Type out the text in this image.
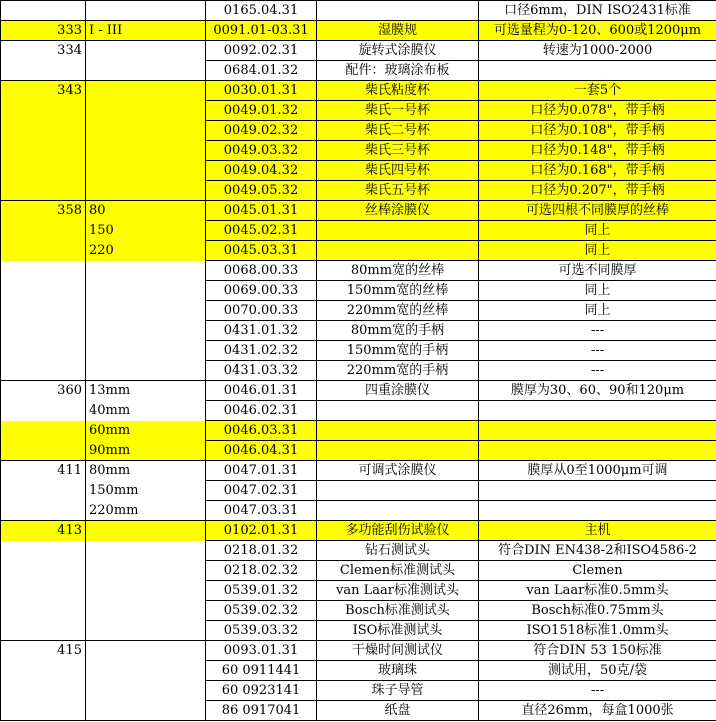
		0165.04.31		口径6mm，DIN ISO2431标准
333	I - III	0091.01-03.31	湿膜规	可选量程为0-120、600或1200μm
334		0092.02.31	旋转式涂膜仪	转速为1000-2000
		0684.01.32	配件：玻璃涂布板	
343		0030.01.31	柴氏粘度杯	一套5个
		0049.01.32	柴氏一号杯	口径为0.078"，带手柄
		0049.02.32	柴氏二号杯	口径为0.108"，带手柄
		0049.03.32	柴氏三号杯	口径为0.148"，带手柄
		0049.04.32	柴氏四号杯	口径为0.168"，带手柄
		0049.05.32	柴氏五号杯	口径为0.207"，带手柄
358	80	0045.01.31	丝棒涂膜仪	可选四根不同膜厚的丝棒
	150	0045.02.31		同上
	220	0045.03.31		同上
		0068.00.33	80mm宽的丝棒	可选不同膜厚
		0069.00.33	150mm宽的丝棒	同上
		0070.00.33	220mm宽的丝棒	同上
		0431.01.32	80mm宽的手柄	---
		0431.02.32	150mm宽的手柄	---
		0431.03.32	220mm宽的手柄	---
360	13mm	0046.01.31	四重涂膜仪	膜厚为30、60、90和120μm
	40mm	0046.02.31		
	60mm	0046.03.31		
	90mm	0046.04.31		
411	80mm	0047.01.31	可调式涂膜仪	膜厚从0至1000μm可调
	150mm	0047.02.31		
	220mm	0047.03.31		
413		0102.01.31	多功能刮伤试验仪	主机
		0218.01.32	钻石测试头	符合DIN EN438-2和ISO4586-2
		0218.02.32	Clemen标准测试头	Clemen
		0539.01.32	van Laar标准测试头	van Laar标准0.5mm头
		0539.02.32	Bosch标准测试头	Bosch标准0.75mm头
		0539.03.32	ISO标准测试头	ISO1518标准1.0mm头
415		0093.01.31	干燥时间测试仪	符合DIN 53 150标准
		60 0911441	玻璃珠	测试用，50克/袋
		60 0923141	珠子导管	---
		86 0917041	纸盘	直径26mm，每盒1000张
